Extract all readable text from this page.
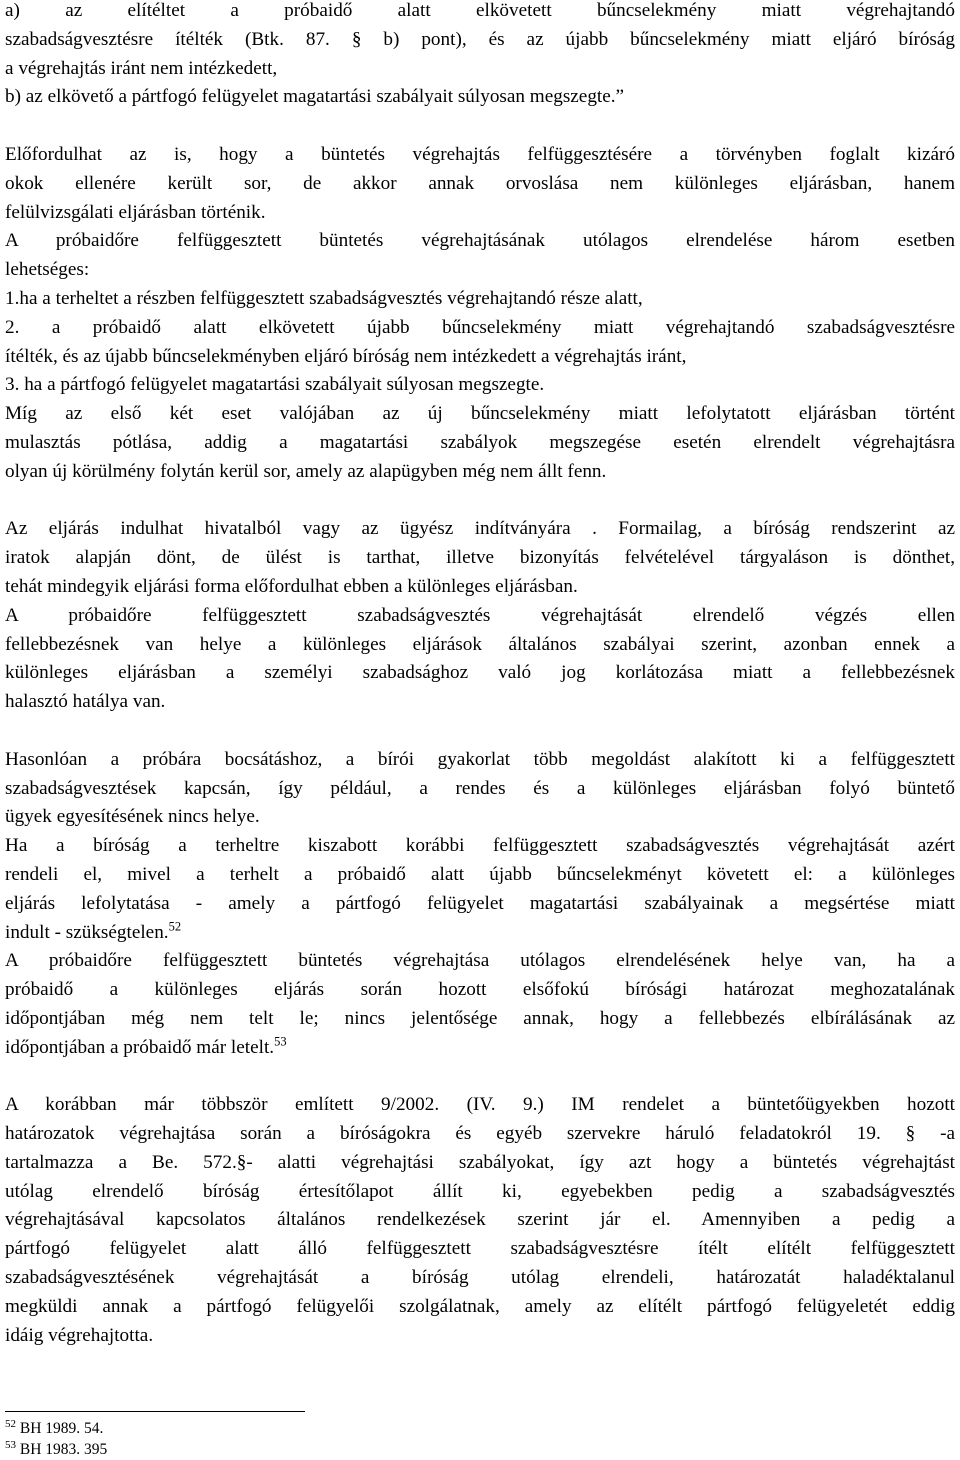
a) az elítéltet a próbaidő alatt elkövetett bűncselekmény miatt végrehajtandó
szabadságvesztésre ítélték (Btk. 87. § b) pont), és az újabb bűncselekmény miatt eljáró bíróság
a végrehajtás iránt nem intézkedett,
b) az elkövető a pártfogó felügyelet magatartási szabályait súlyosan megszegte.”
Előfordulhat az is, hogy a büntetés végrehajtás felfüggesztésére a törvényben foglalt kizáró
okok ellenére került sor, de akkor annak orvoslása nem különleges eljárásban, hanem
felülvizsgálati eljárásban történik.
A próbaidőre felfüggesztett büntetés végrehajtásának utólagos elrendelése három esetben
lehetséges:
1.ha a terheltet a részben felfüggesztett szabadságvesztés végrehajtandó része alatt,
2. a próbaidő alatt elkövetett újabb bűncselekmény miatt végrehajtandó szabadságvesztésre
ítélték, és az újabb bűncselekményben eljáró bíróság nem intézkedett a végrehajtás iránt,
3. ha a pártfogó felügyelet magatartási szabályait súlyosan megszegte.
Míg az első két eset valójában az új bűncselekmény miatt lefolytatott eljárásban történt
mulasztás pótlása, addig a magatartási szabályok megszegése esetén elrendelt végrehajtásra
olyan új körülmény folytán kerül sor, amely az alapügyben még nem állt fenn.
Az eljárás indulhat hivatalból vagy az ügyész indítványára . Formailag, a bíróság rendszerint az
iratok alapján dönt, de ülést is tarthat, illetve bizonyítás felvételével tárgyaláson is dönthet,
tehát mindegyik eljárási forma előfordulhat ebben a különleges eljárásban.
A próbaidőre felfüggesztett szabadságvesztés végrehajtását elrendelő végzés ellen
fellebbezésnek van helye a különleges eljárások általános szabályai szerint, azonban ennek a
különleges eljárásban a személyi szabadsághoz való jog korlátozása miatt a fellebbezésnek
halasztó hatálya van.
Hasonlóan a próbára bocsátáshoz, a bírói gyakorlat több megoldást alakított ki a felfüggesztett
szabadságvesztések kapcsán, így például, a rendes és a különleges eljárásban folyó büntető
ügyek egyesítésének nincs helye.
Ha a bíróság a terheltre kiszabott korábbi felfüggesztett szabadságvesztés végrehajtását azért
rendeli el, mivel a terhelt a próbaidő alatt újabb bűncselekményt követett el: a különleges
eljárás lefolytatása - amely a pártfogó felügyelet magatartási szabályainak a megsértése miatt
indult - szükségtelen.$^{52}$
A próbaidőre felfüggesztett büntetés végrehajtása utólagos elrendelésének helye van, ha a
próbaidő a különleges eljárás során hozott elsőfokú bírósági határozat meghozatalának
időpontjában még nem telt le; nincs jelentősége annak, hogy a fellebbezés elbírálásának az
időpontjában a próbaidő már letelt.$^{53}$
A korábban már többször említett 9/2002. (IV. 9.) IM rendelet a büntetőügyekben hozott
határozatok végrehajtása során a bíróságokra és egyéb szervekre háruló feladatokról 19. § -a
tartalmazza a Be. 572.§- alatti végrehajtási szabályokat, így azt hogy a büntetés végrehajtást
utólag elrendelő bíróság értesítőlapot állít ki, egyebekben pedig a szabadságvesztés
végrehajtásával kapcsolatos általános rendelkezések szerint jár el. Amennyiben a pedig a
pártfogó felügyelet alatt álló felfüggesztett szabadságvesztésre ítélt elítélt felfüggesztett
szabadságvesztésének végrehajtását a bíróság utólag elrendeli, határozatát haladéktalanul
megküldi annak a pártfogó felügyelői szolgálatnak, amely az elítélt pártfogó felügyeletét eddig
idáig végrehajtotta.
$^{52}$ BH 1989. 54.
$^{53}$ BH 1983. 395
